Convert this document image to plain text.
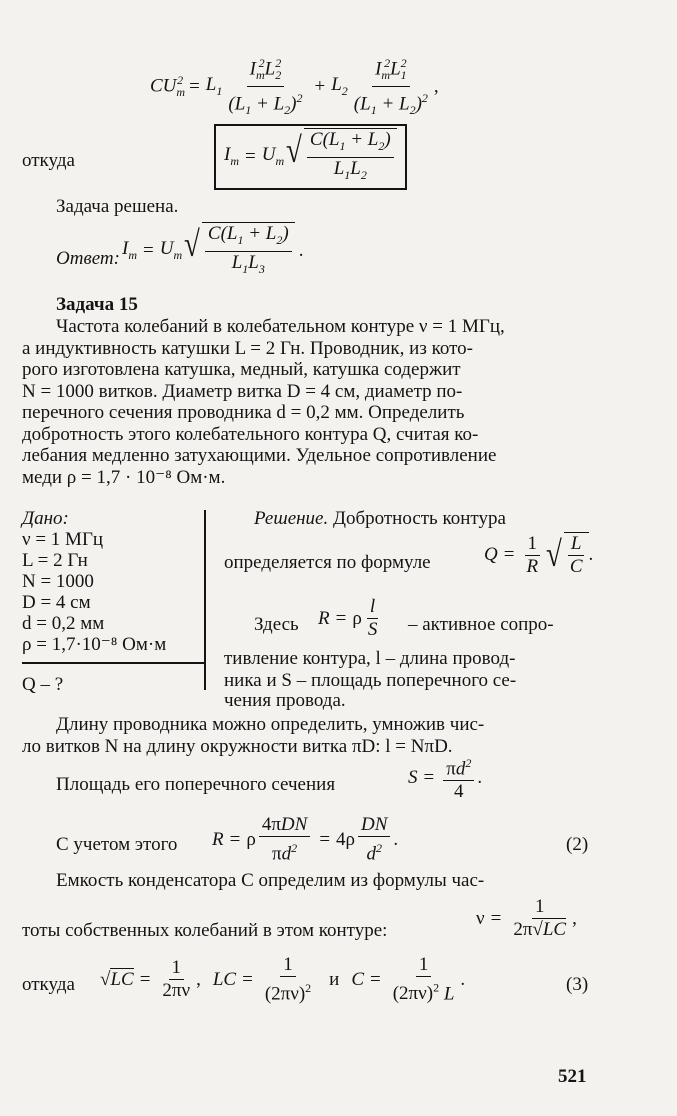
$CU_m^2 = L_1 \frac{I_m^2L_2^2}{(L_1 + L_2)^2} + L_2 \frac{I_m^2L_1^2}{(L_1 + L_2)^2}$ ,
откуда	$I_m = U_m$ √ $\frac{C(L_1 + L_2)}{L_1L_2}$
Задача решена.
Ответ: $I_m = U_m$ √ $\frac{C(L_1 + L_2)}{L_1L_3}$ .
Задача 15
Частота колебаний в колебательном контуре ν = 1 МГц,
а индуктивность катушки L = 2 Гн. Проводник, из кото-
рого изготовлена катушка, медный, катушка содержит
N = 1000 витков. Диаметр витка D = 4 см, диаметр по-
перечного сечения проводника d = 0,2 мм. Определить
добротность этого колебательного контура Q, считая ко-
лебания медленно затухающими. Удельное сопротивление
меди ρ = 1,7 · 10⁻⁸ Ом·м.
Дано:
ν = 1 МГц
L = 2 Гн
N = 1000
D = 4 см
d = 0,2 мм
ρ = 1,7·10⁻⁸ Ом·м
Q – ?
Решение. Добротность контура
определяется по формуле	$Q = \frac{1}{R}$ √ $\frac{L}{C}$ .
Здесь R = ρ $\frac{l}{S}$ – активное сопро-
тивление контура, l – длина провод-
ника и S – площадь поперечного се-
чения провода.
Длину проводника можно определить, умножив чис-
ло витков N на длину окружности витка πD: l = NπD.
Площадь его поперечного сечения	$S = \frac{\pi d^2}{4}$ .
С учетом этого R = ρ $\frac{\text{4πDN}}{\pi d^2} = 4\rho \frac{DN}{d^2}$ .	(2)
Емкость конденсатора C определим из формулы час-
тоты собственных колебаний в этом контуре:
$\nu = \frac{1}{2\pi√LC}$ ,
откуда √ LC = $\frac{1}{2\pi\nu}$ , LC = $\frac{1}{(2\pi\nu)^2}$ и $C = \frac{1}{(2\pi\nu)^2 L}$ .	(3)
521
